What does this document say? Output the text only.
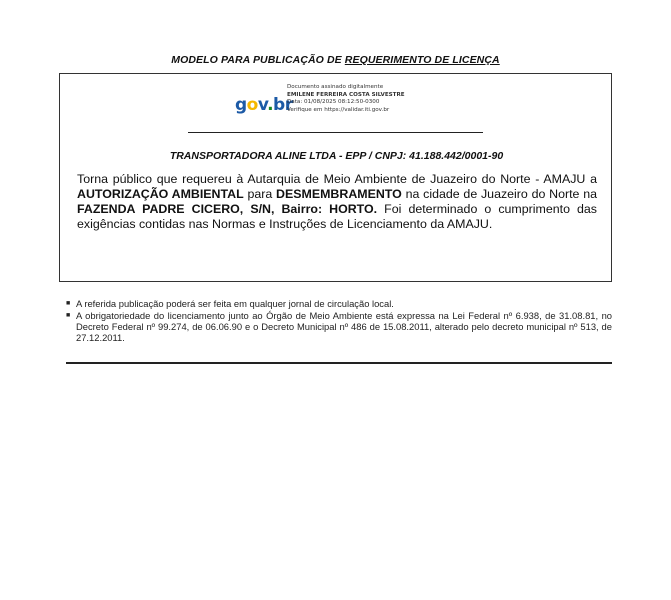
MODELO PARA PUBLICAÇÃO DE REQUERIMENTO DE LICENÇA
gov.br
Documento assinado digitalmente
EMILENE FERREIRA COSTA SILVESTRE
Data: 01/08/2025 08:12:50-0300
Verifique em https://validar.iti.gov.br
TRANSPORTADORA ALINE LTDA - EPP / CNPJ: 41.188.442/0001-90
Torna público que requereu à Autarquia de Meio Ambiente de Juazeiro do Norte - AMAJU a AUTORIZAÇÃO AMBIENTAL para DESMEMBRAMENTO na cidade de Juazeiro do Norte na FAZENDA PADRE CICERO, S/N, Bairro: HORTO. Foi determinado o cumprimento das exigências contidas nas Normas e Instruções de Licenciamento da AMAJU.
■ A referida publicação poderá ser feita em qualquer jornal de circulação local.
■ A obrigatoriedade do licenciamento junto ao Órgão de Meio Ambiente está expressa na Lei Federal nº 6.938, de 31.08.81, no Decreto Federal nº 99.274, de 06.06.90 e o Decreto Municipal nº 486 de 15.08.2011, alterado pelo decreto municipal nº 513, de 27.12.2011.
